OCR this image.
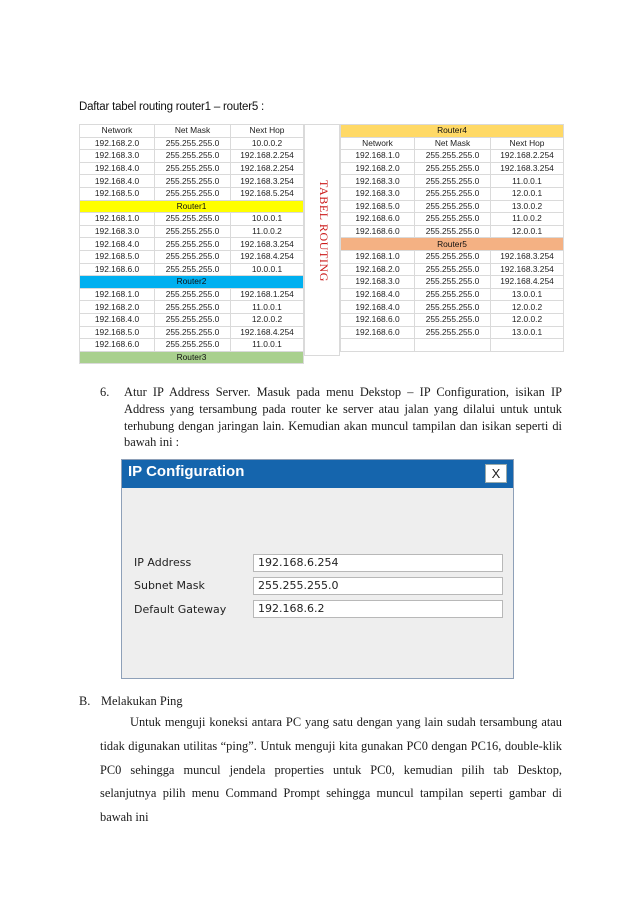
Daftar tabel routing router1 – router5 :
Network	Net Mask	Next Hop
192.168.2.0	255.255.255.0	10.0.0.2
192.168.3.0	255.255.255.0	192.168.2.254
192.168.4.0	255.255.255.0	192.168.2.254
192.168.4.0	255.255.255.0	192.168.3.254
192.168.5.0	255.255.255.0	192.168.5.254
Router1		
192.168.1.0	255.255.255.0	10.0.0.1
192.168.3.0	255.255.255.0	11.0.0.2
192.168.4.0	255.255.255.0	192.168.3.254
192.168.5.0	255.255.255.0	192.168.4.254
192.168.6.0	255.255.255.0	10.0.0.1
Router2		
192.168.1.0	255.255.255.0	192.168.1.254
192.168.2.0	255.255.255.0	11.0.0.1
192.168.4.0	255.255.255.0	12.0.0.2
192.168.5.0	255.255.255.0	192.168.4.254
192.168.6.0	255.255.255.0	11.0.0.1
Router3		
TABEL ROUTING
Router4		
Network	Net Mask	Next Hop
192.168.1.0	255.255.255.0	192.168.2.254
192.168.2.0	255.255.255.0	192.168.3.254
192.168.3.0	255.255.255.0	11.0.0.1
192.168.3.0	255.255.255.0	12.0.0.1
192.168.5.0	255.255.255.0	13.0.0.2
192.168.6.0	255.255.255.0	11.0.0.2
192.168.6.0	255.255.255.0	12.0.0.1
Router5		
192.168.1.0	255.255.255.0	192.168.3.254
192.168.2.0	255.255.255.0	192.168.3.254
192.168.3.0	255.255.255.0	192.168.4.254
192.168.4.0	255.255.255.0	13.0.0.1
192.168.4.0	255.255.255.0	12.0.0.2
192.168.6.0	255.255.255.0	12.0.0.2
192.168.6.0	255.255.255.0	13.0.0.1

6. Atur IP Address Server. Masuk pada menu Dekstop – IP Configuration, isikan IP Address yang tersambung pada router ke server atau jalan yang dilalui untuk untuk terhubung dengan jaringan lain. Kemudian akan muncul tampilan dan isikan seperti di bawah ini :
IP Configuration	X
IP Address	192.168.6.254
Subnet Mask	255.255.255.0
Default Gateway	192.168.6.2
B. Melakukan Ping

Untuk menguji koneksi antara PC yang satu dengan yang lain sudah tersambung atau tidak digunakan utilitas “ping”. Untuk menguji kita gunakan PC0 dengan PC16, double-klik PC0 sehingga muncul jendela properties untuk PC0, kemudian pilih tab Desktop, selanjutnya pilih menu Command Prompt sehingga muncul tampilan seperti gambar di bawah ini
